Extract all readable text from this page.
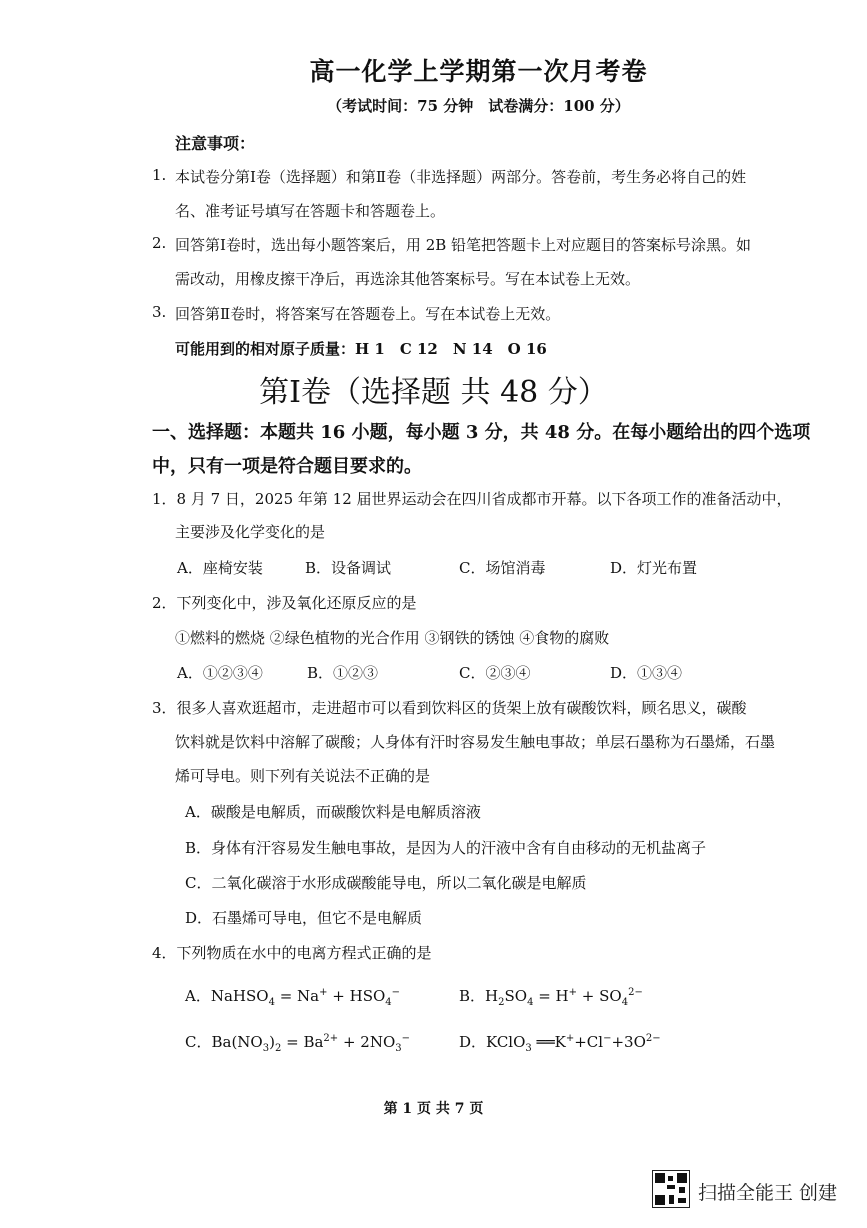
高一化学上学期第一次月考卷
（考试时间：75 分钟　试卷满分：100 分）
注意事项：
1. 本试卷分第Ⅰ卷（选择题）和第Ⅱ卷（非选择题）两部分。答卷前，考生务必将自己的姓
名、准考证号填写在答题卡和答题卷上。
2. 回答第Ⅰ卷时，选出每小题答案后，用 2B 铅笔把答题卡上对应题目的答案标号涂黑。如
需改动，用橡皮擦干净后，再选涂其他答案标号。写在本试卷上无效。
3. 回答第Ⅱ卷时，将答案写在答题卷上。写在本试卷上无效。
可能用到的相对原子质量：H 1　C 12　N 14　O 16
第Ⅰ卷（选择题 共 48 分）
一、选择题：本题共 16 小题，每小题 3 分，共 48 分。在每小题给出的四个选项
中，只有一项是符合题目要求的。
1．8 月 7 日，2025 年第 12 届世界运动会在四川省成都市开幕。以下各项工作的准备活动中，
主要涉及化学变化的是
A．座椅安装	B．设备调试	C．场馆消毒	D．灯光布置
2．下列变化中，涉及氧化还原反应的是
①燃料的燃烧 ②绿色植物的光合作用 ③钢铁的锈蚀 ④食物的腐败
A．①②③④	B．①②③	C．②③④	D．①③④
3．很多人喜欢逛超市，走进超市可以看到饮料区的货架上放有碳酸饮料，顾名思义，碳酸
饮料就是饮料中溶解了碳酸；人身体有汗时容易发生触电事故；单层石墨称为石墨烯，石墨
烯可导电。则下列有关说法不正确的是
A．碳酸是电解质，而碳酸饮料是电解质溶液
B．身体有汗容易发生触电事故，是因为人的汗液中含有自由移动的无机盐离子
C．二氧化碳溶于水形成碳酸能导电，所以二氧化碳是电解质
D．石墨烯可导电，但它不是电解质
4．下列物质在水中的电离方程式正确的是
A．NaHSO$_4$ = $Na^+ + HSO_4^-$	B．$H_2SO_4 = H^+ + SO_4^{2-}$
C．$Ba(NO_3)_2 = Ba^{2+} + 2NO_3^-$	D．KClO$_3$ $══K^++Cl^-+3O^{2-}$
第 1 页 共 7 页
扫描全能王 创建
